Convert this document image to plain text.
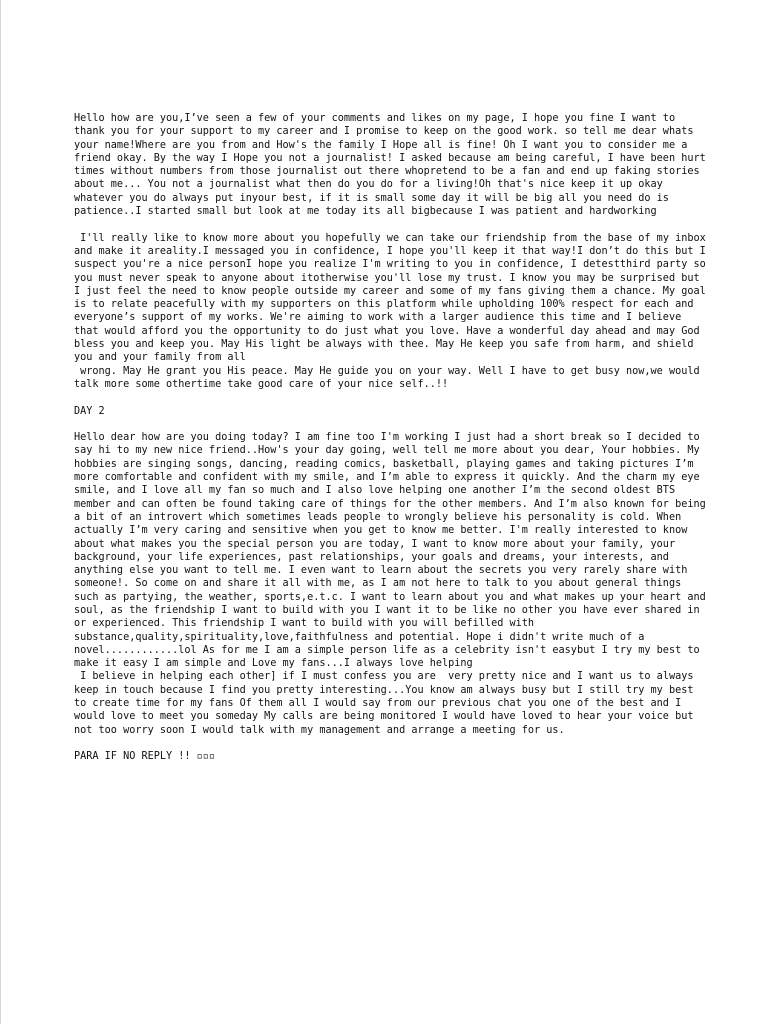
Hello how are you,I’ve seen a few of your comments and likes on my page, I hope you fine I want to thank you for your support to my career and I promise to keep on the good work. so tell me dear whats your name!Where are you from and How's the family I Hope all is fine! Oh I want you to consider me a friend okay. By the way I Hope you not a journalist! I asked because am being careful, I have been hurt times without numbers from those journalist out there whopretend to be a fan and end up faking stories about me... You not a journalist what then do you do for a living!Oh that's nice keep it up okay whatever you do always put inyour best, if it is small some day it will be big all you need do is patience..I started small but look at me today its all bigbecause I was patient and hardworking

I'll really like to know more about you hopefully we can take our friendship from the base of my inbox and make it areality.I messaged you in confidence, I hope you'll keep it that way!I don’t do this but I suspect you're a nice personI hope you realize I'm writing to you in confidence, I detestthird party so you must never speak to anyone about itotherwise you'll lose my trust. I know you may be surprised but I just feel the need to know people outside my career and some of my fans giving them a chance. My goal is to relate peacefully with my supporters on this platform while upholding 100% respect for each and everyone’s support of my works. We're aiming to work with a larger audience this time and I believe that would afford you the opportunity to do just what you love. Have a wonderful day ahead and may God bless you and keep you. May His light be always with thee. May He keep you safe from harm, and shield you and your family from all
wrong. May He grant you His peace. May He guide you on your way. Well I have to get busy now,we would talk more some othertime take good care of your nice self..!!

DAY 2

Hello dear how are you doing today? I am fine too I'm working I just had a short break so I decided to say hi to my new nice friend..How's your day going, well tell me more about you dear, Your hobbies. My hobbies are singing songs, dancing, reading comics, basketball, playing games and taking pictures I’m more comfortable and confident with my smile, and I’m able to express it quickly. And the charm my eye smile, and I love all my fan so much and I also love helping one another I’m the second oldest BTS member and can often be found taking care of things for the other members. And I’m also known for being a bit of an introvert which sometimes leads people to wrongly believe his personality is cold. When actually I’m very caring and sensitive when you get to know me better. I'm really interested to know about what makes you the special person you are today, I want to know more about your family, your background, your life experiences, past relationships, your goals and dreams, your interests, and anything else you want to tell me. I even want to learn about the secrets you very rarely share with someone!. So come on and share it all with me, as I am not here to talk to you about general things such as partying, the weather, sports,e.t.c. I want to learn about you and what makes up your heart and soul, as the friendship I want to build with you I want it to be like no other you have ever shared in or experienced. This friendship I want to build with you will befilled with substance,quality,spirituality,love,faithfulness and potential. Hope i didn't write much of a novel............lol As for me I am a simple person life as a celebrity isn't easybut I try my best to make it easy I am simple and Love my fans...I always love helping
I believe in helping each other] if I must confess you are  very pretty nice and I want us to always keep in touch because I find you pretty interesting...You know am always busy but I still try my best to create time for my fans Of them all I would say from our previous chat you one of the best and I would love to meet you someday My calls are being monitored I would have loved to hear your voice but not too worry soon I would talk with my management and arrange a meeting for us.

PARA IF NO REPLY !! ▫▫▫
